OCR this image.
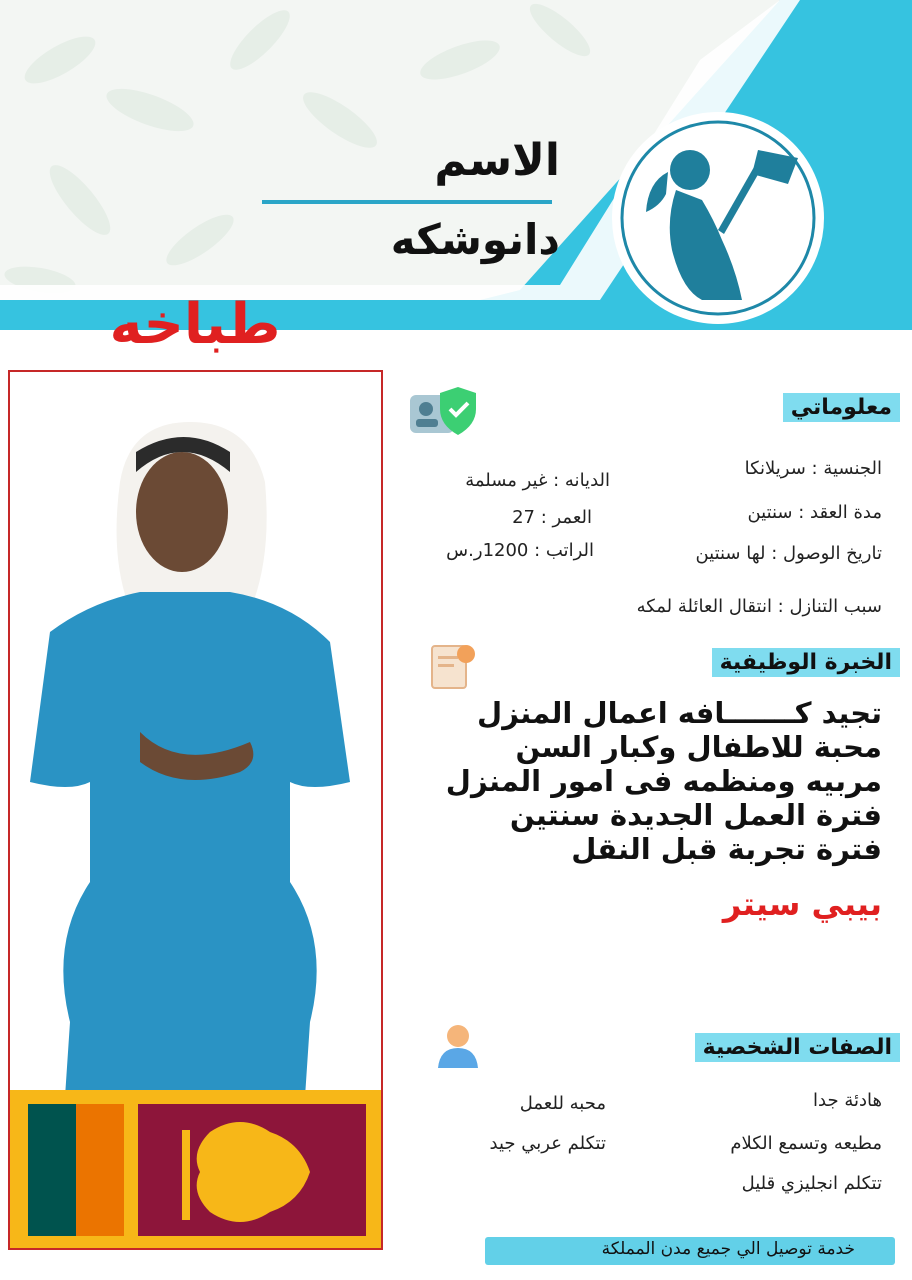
الاسم
دانوشكه
طباخه
معلوماتي
الجنسية : سريلانكا
الديانه : غير مسلمة
مدة العقد : سنتين
العمر : 27
تاريخ الوصول : لها سنتين
الراتب : 1200ر.س
سبب التنازل : انتقال العائلة لمكه
الخبرة الوظيفية
تجيد كـــــــافه اعمال المنزل
محبة للاطفال وكبار السن
مربيه ومنظمه فى امور المنزل
فترة العمل الجديدة سنتين
فترة تجربة قبل النقل
بيبي سيتر
الصفات الشخصية
هادئة جدا
محبه للعمل
مطيعه وتسمع الكلام
تتكلم عربي جيد
تتكلم انجليزي قليل
خدمة توصيل الي جميع مدن المملكة
